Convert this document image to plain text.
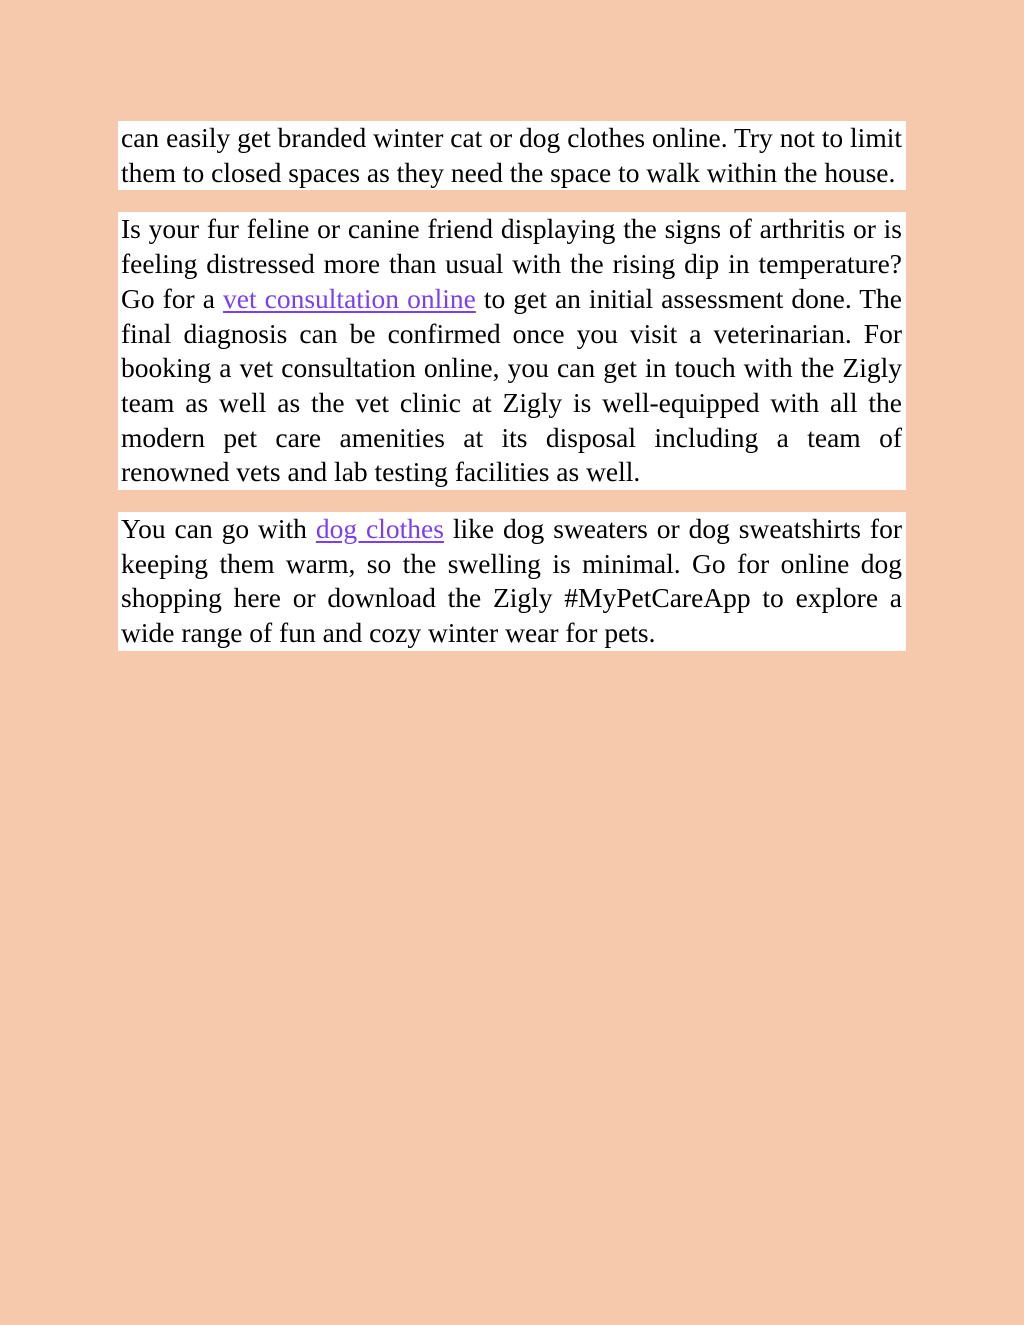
can easily get branded winter cat or dog clothes online. Try not to limit them to closed spaces as they need the space to walk within the house.

Is your fur feline or canine friend displaying the signs of arthritis or is feeling distressed more than usual with the rising dip in temperature? Go for a vet consultation online to get an initial assessment done. The final diagnosis can be confirmed once you visit a veterinarian. For booking a vet consultation online, you can get in touch with the Zigly team as well as the vet clinic at Zigly is well-equipped with all the modern pet care amenities at its disposal including a team of renowned vets and lab testing facilities as well.

You can go with dog clothes like dog sweaters or dog sweatshirts for keeping them warm, so the swelling is minimal. Go for online dog shopping here or download the Zigly #MyPetCareApp to explore a wide range of fun and cozy winter wear for pets.
